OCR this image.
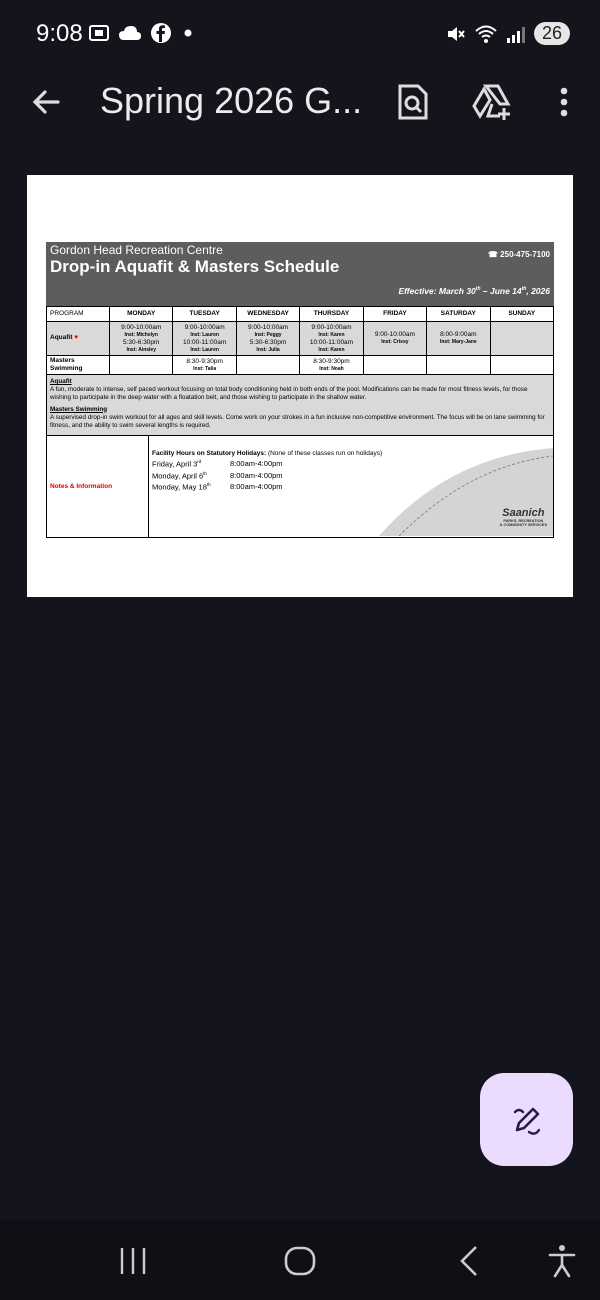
9:08	26
Spring 2026 G...
Gordon Head Recreation Centre
Drop-in Aquafit & Masters Schedule
☎ 250-475-7100
Effective: March 30th – June 14th, 2026
PROGRAM	MONDAY	TUESDAY	WEDNESDAY	THURSDAY	FRIDAY	SATURDAY	SUNDAY
Aquafit ♥	9:00-10:00am
Inst: Michelyn
5:30-6:30pm
Inst: Ainsley	9:00-10:00am
Inst: Lauren
10:00-11:00am
Inst: Lauren	9:00-10:00am
Inst: Peggy
5:30-6:30pm
Inst: Julia	9:00-10:00am
Inst: Karen
10:00-11:00am
Inst: Karen	9:00-10:00am
Inst: Crissy	8:00-9:00am
Inst: Mary-Jane	

Masters
Swimming		8:30-9:30pm
Inst: Talia		8:30-9:30pm
Inst: Noah			

Aquafit

A fun, moderate to intense, self paced workout focusing on total body conditioning held in both ends of the pool. Modifications can be made for most fitness levels, for those wishing to participate in the deep water with a floatation belt, and those wishing to participate in the shallow water.

Masters Swimming

A supervised drop-in swim workout for all ages and skill levels. Come work on your strokes in a fun inclusive non-competitive environment. The focus will be on lane swimming for fitness, and the ability to swim several lengths is required.

Notes & Information
Facility Hours on Statutory Holidays: (None of these classes run on holidays)
Friday, April 3rd	8:00am-4:00pm
Monday, April 6th	8:00am-4:00pm
Monday, May 18th	8:00am-4:00pm
Saanich
PARKS, RECREATION
& COMMUNITY SERVICES
